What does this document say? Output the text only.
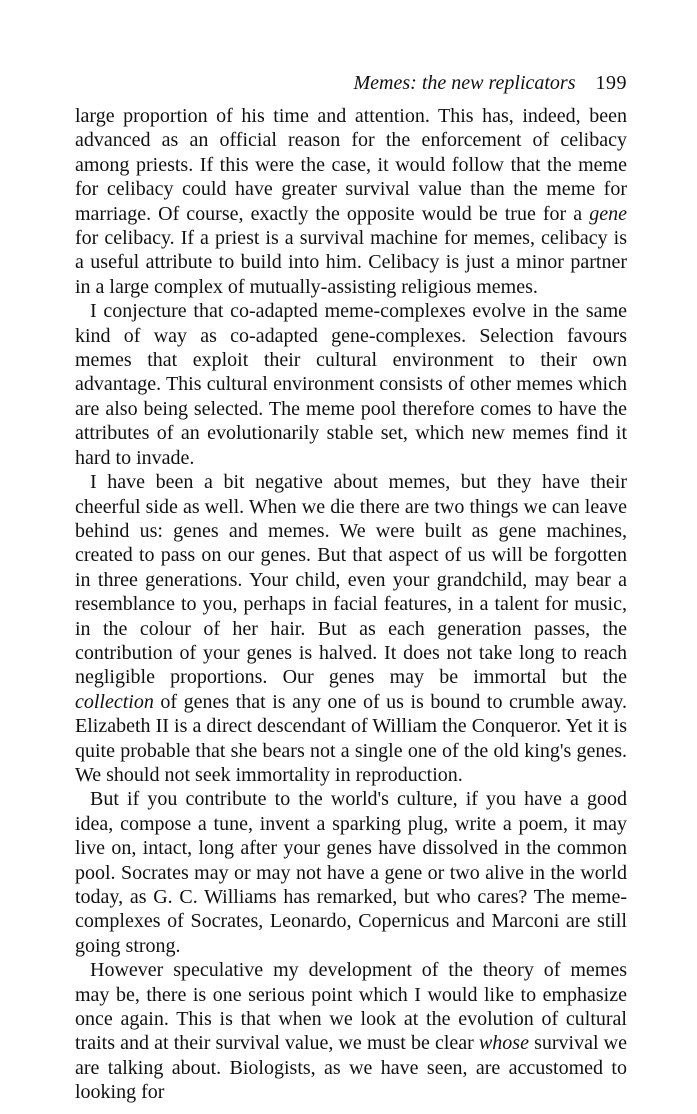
Memes: the new replicators 199

large proportion of his time and attention. This has, indeed, been advanced as an official reason for the enforcement of celibacy among priests. If this were the case, it would follow that the meme for celibacy could have greater survival value than the meme for marriage. Of course, exactly the opposite would be true for a gene for celibacy. If a priest is a survival machine for memes, celibacy is a useful attribute to build into him. Celibacy is just a minor partner in a large complex of mutually-assisting religious memes.

I conjecture that co-adapted meme-complexes evolve in the same kind of way as co-adapted gene-complexes. Selection favours memes that exploit their cultural environment to their own advantage. This cultural environment consists of other memes which are also being selected. The meme pool therefore comes to have the attributes of an evolutionarily stable set, which new memes find it hard to invade.

I have been a bit negative about memes, but they have their cheerful side as well. When we die there are two things we can leave behind us: genes and memes. We were built as gene machines, created to pass on our genes. But that aspect of us will be forgotten in three generations. Your child, even your grandchild, may bear a resemblance to you, perhaps in facial features, in a talent for music, in the colour of her hair. But as each generation passes, the contribution of your genes is halved. It does not take long to reach negligible proportions. Our genes may be immortal but the collection of genes that is any one of us is bound to crumble away. Elizabeth II is a direct descendant of William the Conqueror. Yet it is quite probable that she bears not a single one of the old king's genes. We should not seek immortality in reproduction.

But if you contribute to the world's culture, if you have a good idea, compose a tune, invent a sparking plug, write a poem, it may live on, intact, long after your genes have dissolved in the common pool. Socrates may or may not have a gene or two alive in the world today, as G. C. Williams has remarked, but who cares? The meme-complexes of Socrates, Leonardo, Copernicus and Marconi are still going strong.

However speculative my development of the theory of memes may be, there is one serious point which I would like to emphasize once again. This is that when we look at the evolution of cultural traits and at their survival value, we must be clear whose survival we are talking about. Biologists, as we have seen, are accustomed to looking for
